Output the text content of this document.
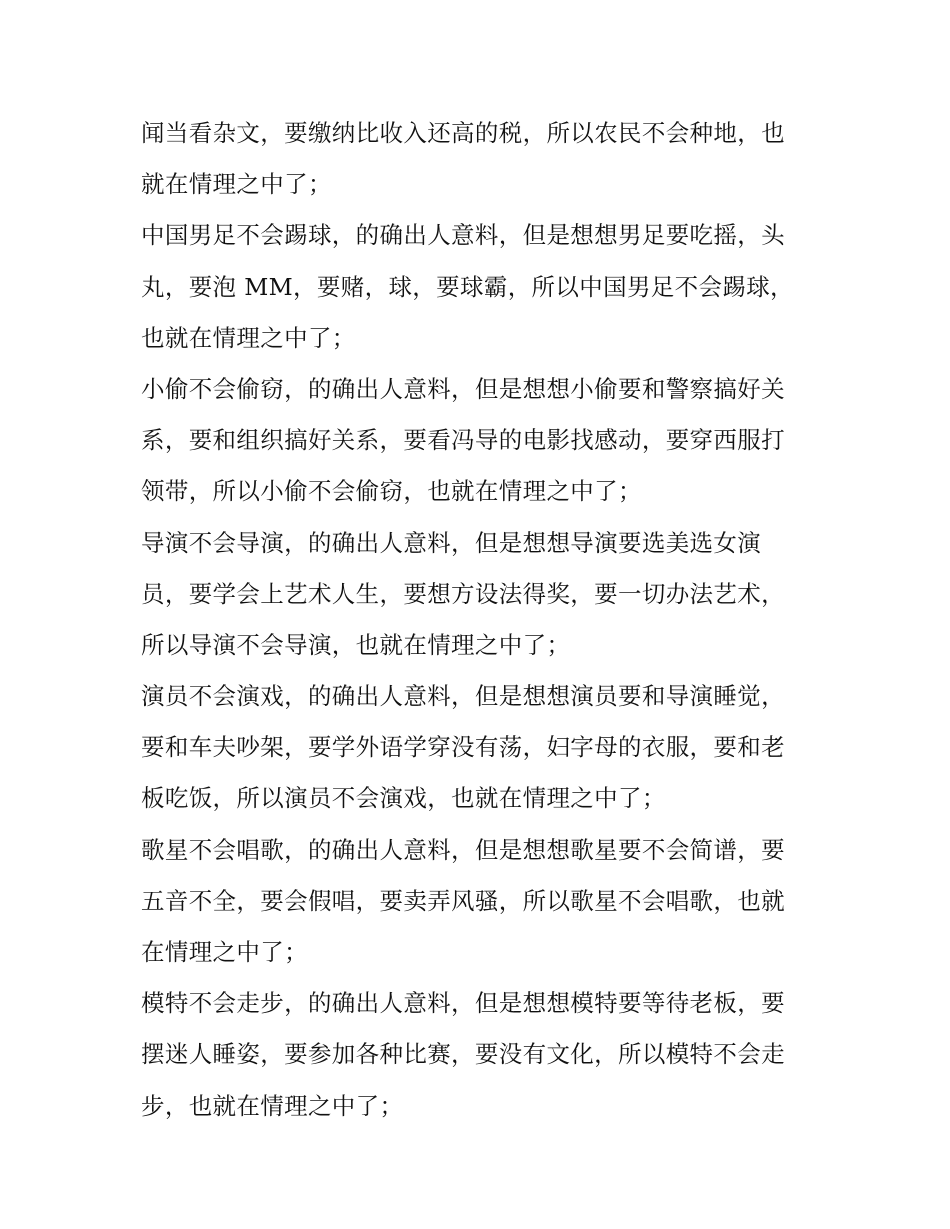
闻当看杂文，要缴纳比收入还高的税，所以农民不会种地，也
就在情理之中了；
中国男足不会踢球，的确出人意料，但是想想男足要吃摇，头
丸，要泡 MM，要赌，球，要球霸，所以中国男足不会踢球，
也就在情理之中了；
小偷不会偷窃，的确出人意料，但是想想小偷要和警察搞好关
系，要和组织搞好关系，要看冯导的电影找感动，要穿西服打
领带，所以小偷不会偷窃，也就在情理之中了；
导演不会导演，的确出人意料，但是想想导演要选美选女演
员，要学会上艺术人生，要想方设法得奖，要一切办法艺术，
所以导演不会导演，也就在情理之中了；
演员不会演戏，的确出人意料，但是想想演员要和导演睡觉，
要和车夫吵架，要学外语学穿没有荡，妇字母的衣服，要和老
板吃饭，所以演员不会演戏，也就在情理之中了；
歌星不会唱歌，的确出人意料，但是想想歌星要不会简谱，要
五音不全，要会假唱，要卖弄风骚，所以歌星不会唱歌，也就
在情理之中了；
模特不会走步，的确出人意料，但是想想模特要等待老板，要
摆迷人睡姿，要参加各种比赛，要没有文化，所以模特不会走
步，也就在情理之中了；
